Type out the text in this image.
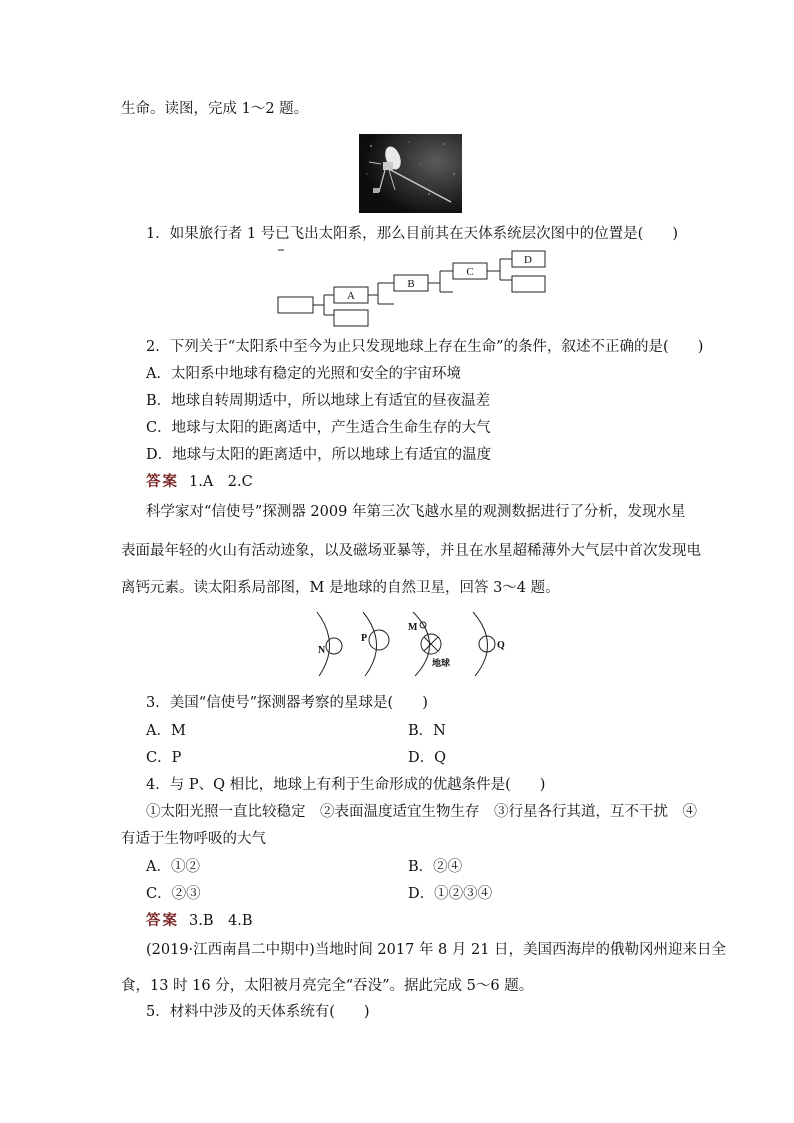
生命。读图，完成 1～2 题。
1．如果旅行者 1 号已飞出太阳系，那么目前其在天体系统层次图中的位置是(　　)
A
B
C
D
2．下列关于“太阳系中至今为止只发现地球上存在生命”的条件，叙述不正确的是(　　)
A．太阳系中地球有稳定的光照和安全的宇宙环境
B．地球自转周期适中，所以地球上有适宜的昼夜温差
C．地球与太阳的距离适中，产生适合生命生存的大气
D．地球与太阳的距离适中，所以地球上有适宜的温度
答案 1.A　2.C
科学家对“信使号”探测器 2009 年第三次飞越水星的观测数据进行了分析，发现水星
表面最年轻的火山有活动迹象，以及磁场亚暴等，并且在水星超稀薄外大气层中首次发现电
离钙元素。读太阳系局部图，M 是地球的自然卫星，回答 3～4 题。
N
P
M
地球
Q
3．美国“信使号”探测器考察的星球是(　　)
A．M	B．N
C．P	D．Q
4．与 P、Q 相比，地球上有利于生命形成的优越条件是(　　)
①太阳光照一直比较稳定　②表面温度适宜生物生存　③行星各行其道，互不干扰　④
有适于生物呼吸的大气
A．①②	B．②④
C．②③	D．①②③④
答案 3.B　4.B
(2019·江西南昌二中期中)当地时间 2017 年 8 月 21 日，美国西海岸的俄勒冈州迎来日全
食，13 时 16 分，太阳被月亮完全“吞没”。据此完成 5～6 题。
5．材料中涉及的天体系统有(　　)
